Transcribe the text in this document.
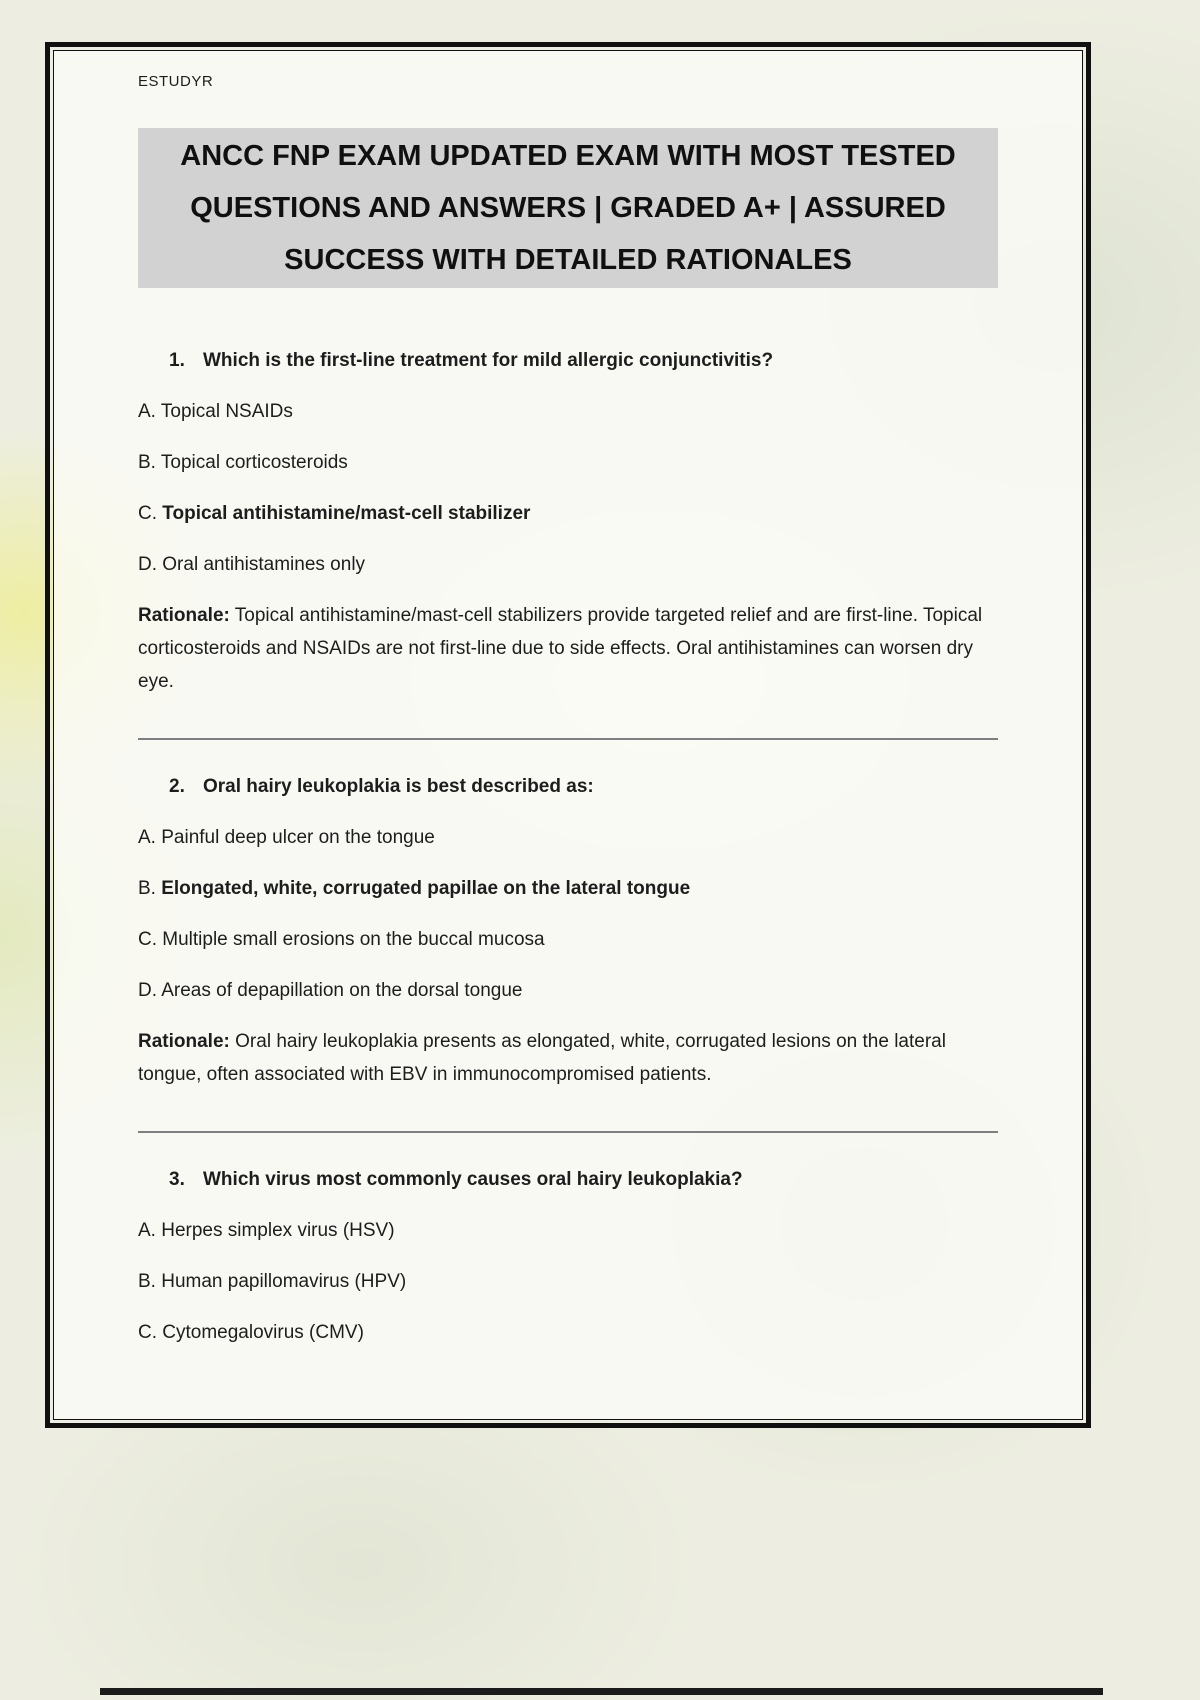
ESTUDYR
ANCC FNP EXAM UPDATED EXAM WITH MOST TESTED QUESTIONS AND ANSWERS | GRADED A+ | ASSURED SUCCESS WITH DETAILED RATIONALES

1. Which is the first-line treatment for mild allergic conjunctivitis?

A. Topical NSAIDs

B. Topical corticosteroids

C. Topical antihistamine/mast-cell stabilizer

D. Oral antihistamines only

Rationale: Topical antihistamine/mast-cell stabilizers provide targeted relief and are first-line. Topical corticosteroids and NSAIDs are not first-line due to side effects. Oral antihistamines can worsen dry eye.

2. Oral hairy leukoplakia is best described as:

A. Painful deep ulcer on the tongue

B. Elongated, white, corrugated papillae on the lateral tongue

C. Multiple small erosions on the buccal mucosa

D. Areas of depapillation on the dorsal tongue

Rationale: Oral hairy leukoplakia presents as elongated, white, corrugated lesions on the lateral tongue, often associated with EBV in immunocompromised patients.

3. Which virus most commonly causes oral hairy leukoplakia?

A. Herpes simplex virus (HSV)

B. Human papillomavirus (HPV)

C. Cytomegalovirus (CMV)
